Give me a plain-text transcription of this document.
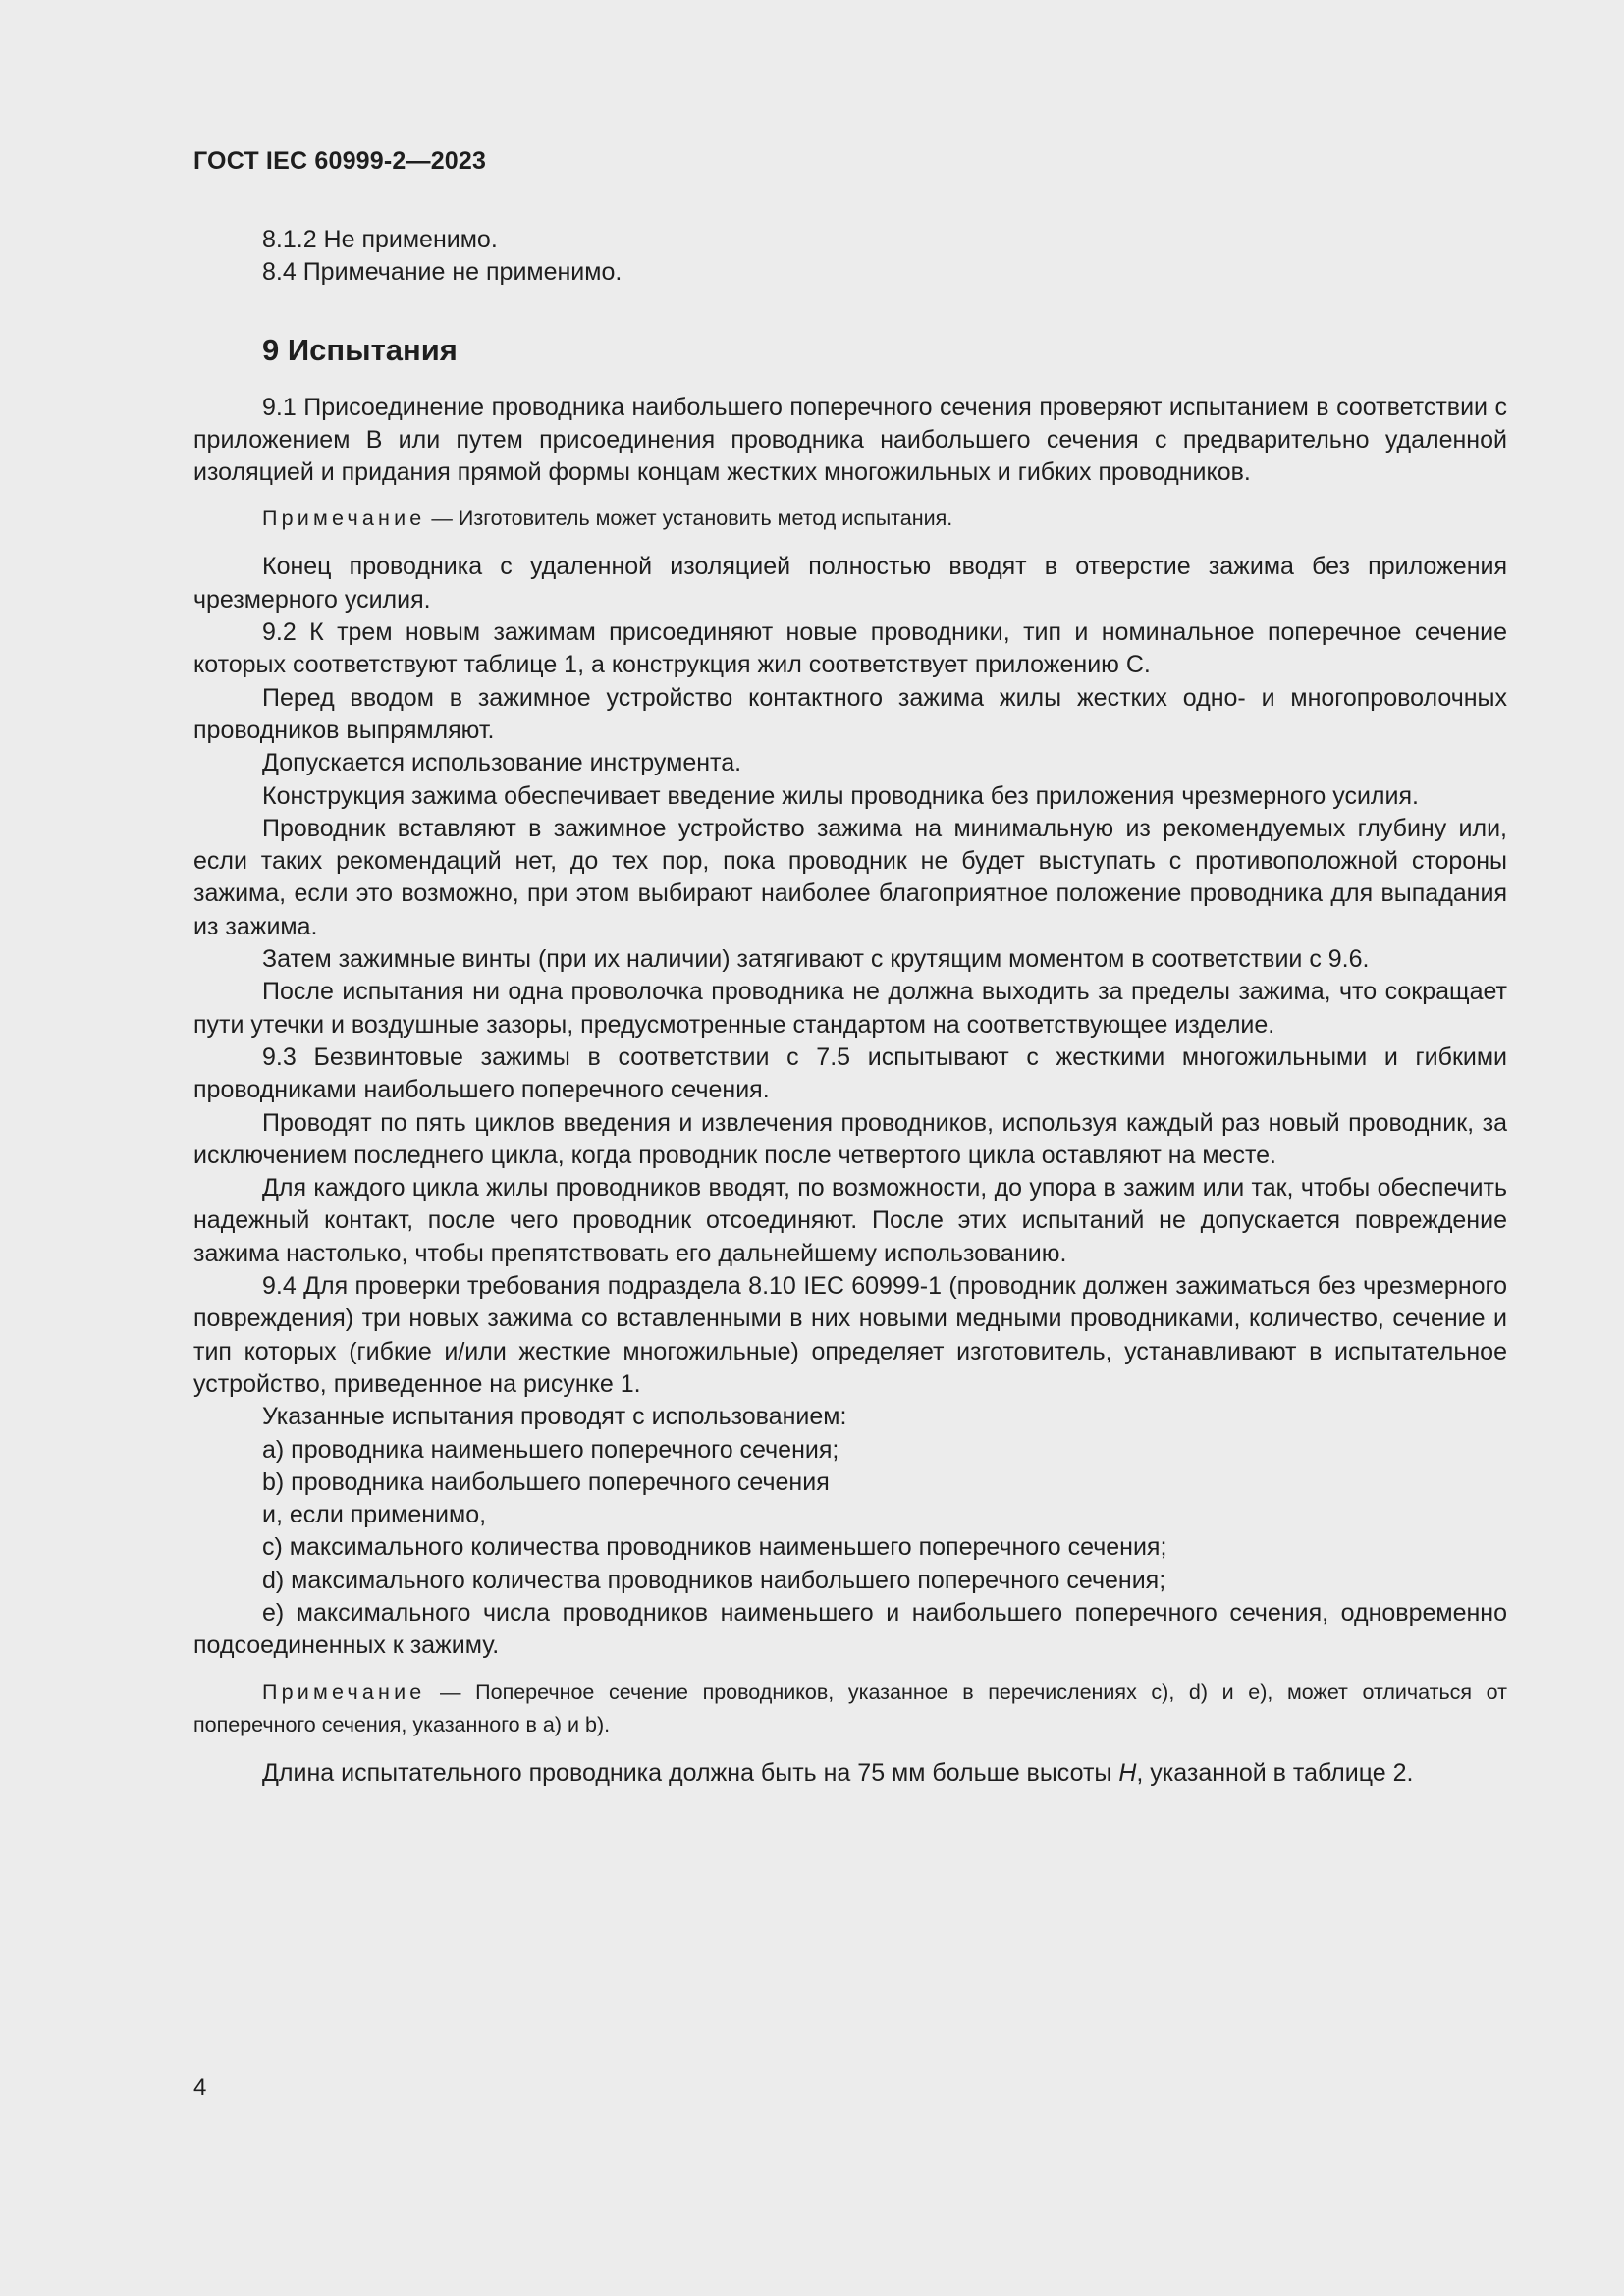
ГОСТ IEC 60999-2—2023

8.1.2 Не применимо.

8.4 Примечание не применимо.

9 Испытания

9.1 Присоединение проводника наибольшего поперечного сечения проверяют испытанием в соответствии с приложением В или путем присоединения проводника наибольшего сечения с предварительно удаленной изоляцией и придания прямой формы концам жестких многожильных и гибких проводников.

Примечание — Изготовитель может установить метод испытания.

Конец проводника с удаленной изоляцией полностью вводят в отверстие зажима без приложения чрезмерного усилия.

9.2 К трем новым зажимам присоединяют новые проводники, тип и номинальное поперечное сечение которых соответствуют таблице 1, а конструкция жил соответствует приложению С.

Перед вводом в зажимное устройство контактного зажима жилы жестких одно- и многопроволочных проводников выпрямляют.

Допускается использование инструмента.

Конструкция зажима обеспечивает введение жилы проводника без приложения чрезмерного усилия.

Проводник вставляют в зажимное устройство зажима на минимальную из рекомендуемых глубину или, если таких рекомендаций нет, до тех пор, пока проводник не будет выступать с противоположной стороны зажима, если это возможно, при этом выбирают наиболее благоприятное положение проводника для выпадания из зажима.

Затем зажимные винты (при их наличии) затягивают с крутящим моментом в соответствии с 9.6.

После испытания ни одна проволочка проводника не должна выходить за пределы зажима, что сокращает пути утечки и воздушные зазоры, предусмотренные стандартом на соответствующее изделие.

9.3 Безвинтовые зажимы в соответствии с 7.5 испытывают с жесткими многожильными и гибкими проводниками наибольшего поперечного сечения.

Проводят по пять циклов введения и извлечения проводников, используя каждый раз новый проводник, за исключением последнего цикла, когда проводник после четвертого цикла оставляют на месте.

Для каждого цикла жилы проводников вводят, по возможности, до упора в зажим или так, чтобы обеспечить надежный контакт, после чего проводник отсоединяют. После этих испытаний не допускается повреждение зажима настолько, чтобы препятствовать его дальнейшему использованию.

9.4 Для проверки требования подраздела 8.10 IEC 60999-1 (проводник должен зажиматься без чрезмерного повреждения) три новых зажима со вставленными в них новыми медными проводниками, количество, сечение и тип которых (гибкие и/или жесткие многожильные) определяет изготовитель, устанавливают в испытательное устройство, приведенное на рисунке 1.

Указанные испытания проводят с использованием:

а) проводника наименьшего поперечного сечения;

b) проводника наибольшего поперечного сечения

и, если применимо,

с) максимального количества проводников наименьшего поперечного сечения;

d) максимального количества проводников наибольшего поперечного сечения;

е) максимального числа проводников наименьшего и наибольшего поперечного сечения, одновременно подсоединенных к зажиму.

Примечание — Поперечное сечение проводников, указанное в перечислениях с), d) и е), может отличаться от поперечного сечения, указанного в а) и b).

Длина испытательного проводника должна быть на 75 мм больше высоты H, указанной в таблице 2.

4
